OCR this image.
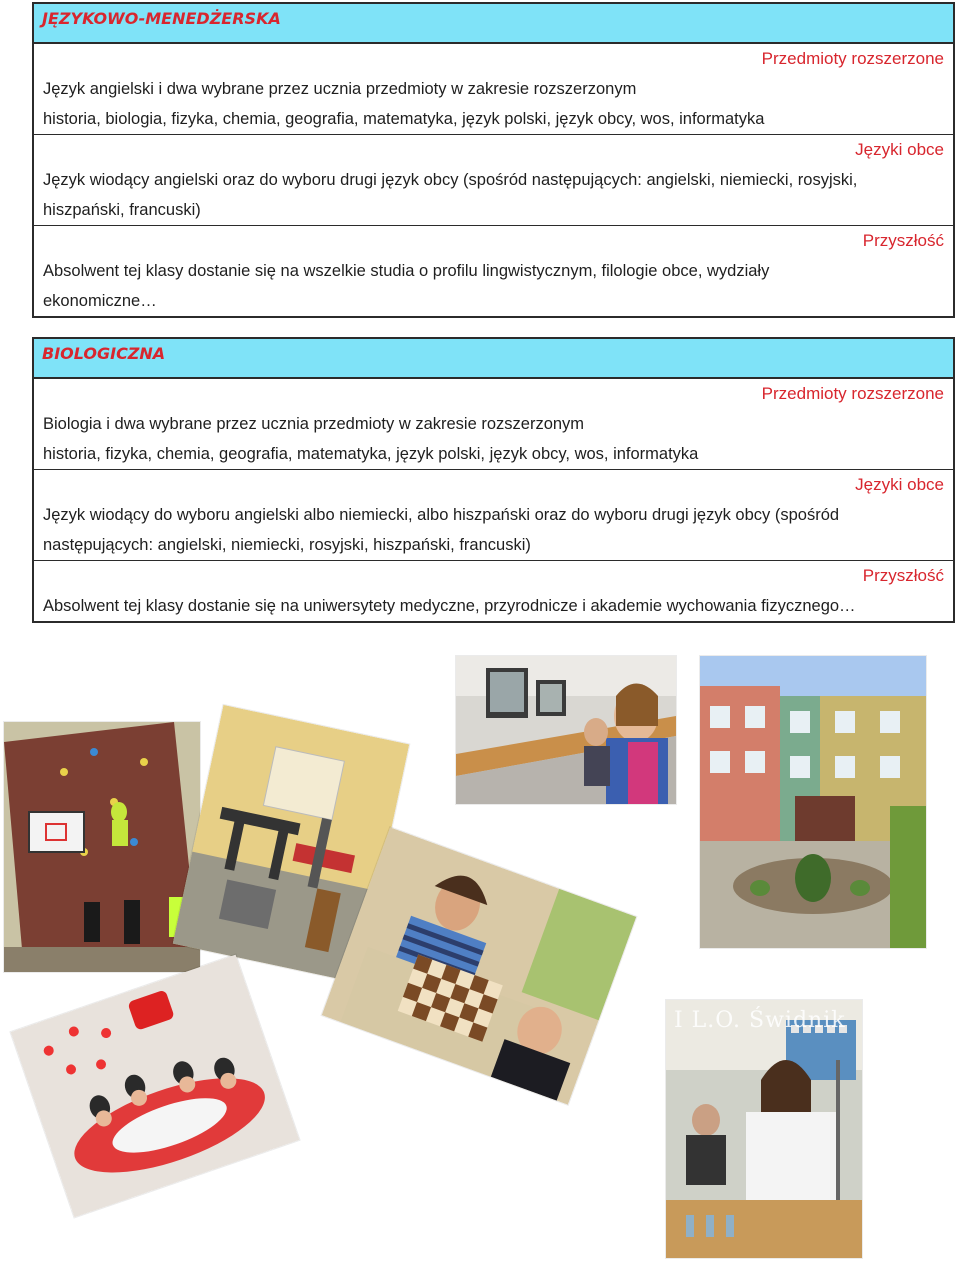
JĘZYKOWO-MENEDŻERSKA
Przedmioty rozszerzone
Język angielski i dwa wybrane przez ucznia przedmioty w zakresie rozszerzonym
historia, biologia, fizyka, chemia, geografia, matematyka, język polski, język obcy, wos, informatyka
Języki obce
Język wiodący angielski oraz do wyboru drugi język obcy (spośród następujących: angielski, niemiecki, rosyjski,
hiszpański, francuski)
Przyszłość
Absolwent tej klasy dostanie się na wszelkie studia o profilu lingwistycznym, filologie obce, wydziały
ekonomiczne…
BIOLOGICZNA
Przedmioty rozszerzone
Biologia i dwa wybrane przez ucznia przedmioty w zakresie rozszerzonym
historia, fizyka, chemia, geografia, matematyka, język polski, język obcy, wos, informatyka
Języki obce
Język wiodący do wyboru angielski albo niemiecki, albo hiszpański oraz do wyboru drugi język obcy (spośród
następujących: angielski, niemiecki, rosyjski, hiszpański, francuski)
Przyszłość
Absolwent tej klasy dostanie się na uniwersytety medyczne, przyrodnicze i akademie wychowania fizycznego…
I L.O. Świdnik
